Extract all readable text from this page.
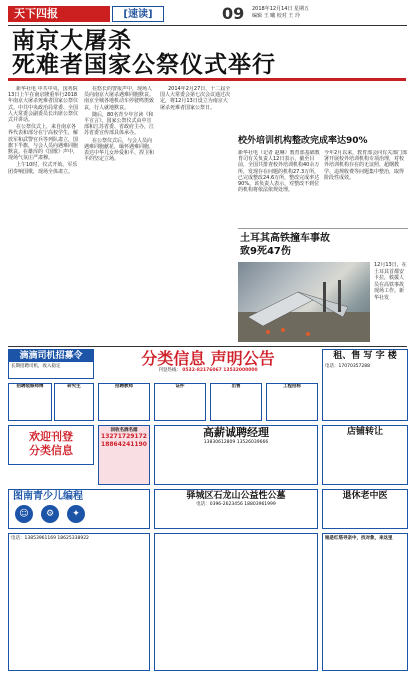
天下四报	[速读]	09 2018年12月14日 星期五
编辑 王 曦 校对 王 玲
南京大屠杀
死难者国家公祭仪式举行

新华社电 中共中央、国务院13日上午在南京隆重举行2018年南京大屠杀死难者国家公祭仪式。中共中央政治局常委、全国人大常委会副委员长出席公祭仪式并讲话。

在公祭仪式上，来自南京各界代表和部分在宁高校学生，解放军和武警官兵等列队肃立，国旗下半旗，与会人员向遇难同胞默哀。在雄浑的《国歌》声中，现场气氛庄严肃穆。

上午10时，仪式开始。军乐团奏响国歌，现场全体肃立。

在悠长的警报声中，现场人员向南京大屠杀遇难同胞默哀。南京全城各地机动车停驶鸣笛致哀，行人就地默哀。

随后，80名青少年宣读《和平宣言》。国家公祭仪式由中宣部和江苏省委、省政府主办，江苏省委宣传部具体承办。

在公祭仪式后，与会人员向遇难同胞献花，缅怀遇难同胞，表达中华儿女珍爱和平、捍卫和平的坚定立场。

2014年2月27日，十二届全国人大常委会第七次会议通过决定，将12月13日设立为南京大屠杀死难者国家公祭日。

校外培训机构整改完成率达90%
新华社电（记者 赵琳）教育部基础教育司有关负责人12日表示，截至目前，全国共排查校外培训机构40余万所，发现存在问题的机构27.3万所，已完成整改24.6万所，整改完成率达90%。该负责人表示，对整改不到位的机构将依法依规处理。
今年2月以来，教育部会同有关部门部署开展校外培训机构专项治理，对校外培训机构存在的无证照、超纲教学、违规收费等问题集中整治，取得阶段性成效。
土耳其高铁撞车事故致9死47伤
12月13日，在土耳其首都安卡拉，救援人员在高铁事故现场工作。新华社发
滴滴司机招募令
长期招聘司机，收入稳定	分类信息 声明公告
刊登热线： 0532-82176067 13532000000
租、售 写 字 楼
电话：17070357288
招聘装修师傅	研究生	招聘教师	证件	出售	工程招标
欢迎刊登
分类信息
回收名酒名烟
13271729172
18864241190
高薪诚聘经理
13830612809 13526039666
店铺转让
图南青少儿编程
☺	⚙	✦
驿城区石龙山公益性公墓
电话：0396-2623456 18803961999
退休老中医
电话：13853961169 18625338922	她是红塔寻亲中，找对象，来这里
